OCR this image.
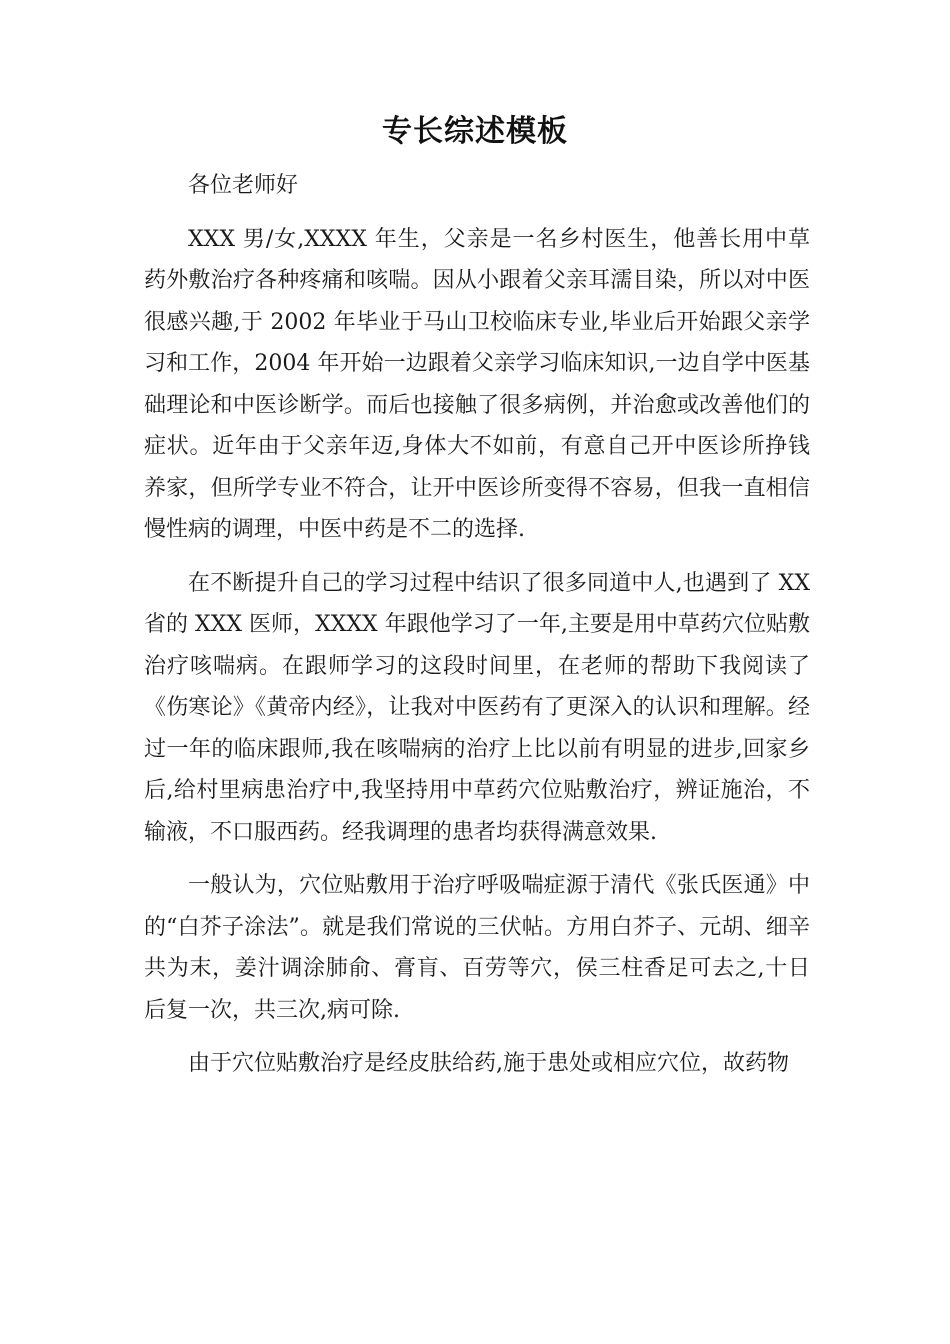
专长综述模板

各位老师好

XXX 男/女,XXXX 年生，父亲是一名乡村医生，他善长用中草药外敷治疗各种疼痛和咳喘。因从小跟着父亲耳濡目染，所以对中医很感兴趣,于 2002 年毕业于马山卫校临床专业,毕业后开始跟父亲学习和工作，2004 年开始一边跟着父亲学习临床知识,一边自学中医基础理论和中医诊断学。而后也接触了很多病例，并治愈或改善他们的症状。近年由于父亲年迈,身体大不如前，有意自己开中医诊所挣钱养家，但所学专业不符合，让开中医诊所变得不容易，但我一直相信慢性病的调理，中医中药是不二的选择.

在不断提升自己的学习过程中结识了很多同道中人,也遇到了 XX 省的 XXX 医师，XXXX 年跟他学习了一年,主要是用中草药穴位贴敷治疗咳喘病。在跟师学习的这段时间里，在老师的帮助下我阅读了《伤寒论》《黄帝内经》，让我对中医药有了更深入的认识和理解。经过一年的临床跟师,我在咳喘病的治疗上比以前有明显的进步,回家乡后,给村里病患治疗中,我坚持用中草药穴位贴敷治疗，辨证施治，不输液，不口服西药。经我调理的患者均获得满意效果.

一般认为，穴位贴敷用于治疗呼吸喘症源于清代《张氏医通》中的“白芥子涂法”。就是我们常说的三伏帖。方用白芥子、元胡、细辛共为末，姜汁调涂肺俞、膏肓、百劳等穴，侯三柱香足可去之,十日后复一次，共三次,病可除.

由于穴位贴敷治疗是经皮肤给药,施于患处或相应穴位，故药物
